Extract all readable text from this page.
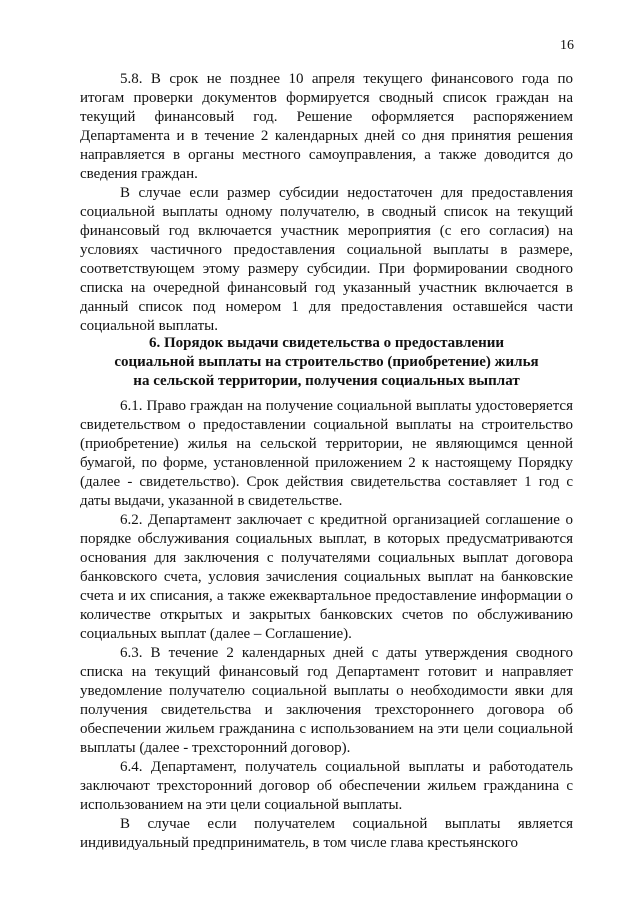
16

5.8. В срок не позднее 10 апреля текущего финансового года по итогам проверки документов формируется сводный список граждан на текущий финансовый год. Решение оформляется распоряжением Департамента и в течение 2 календарных дней со дня принятия решения направляется в органы местного самоуправления, а также доводится до сведения граждан.

В случае если размер субсидии недостаточен для предоставления социальной выплаты одному получателю, в сводный список на текущий финансовый год включается участник мероприятия (с его согласия) на условиях частичного предоставления социальной выплаты в размере, соответствующем этому размеру субсидии. При формировании сводного списка на очередной финансовый год указанный участник включается в данный список под номером 1 для предоставления оставшейся части социальной выплаты.

6. Порядок выдачи свидетельства о предоставлении
социальной выплаты на строительство (приобретение) жилья
на сельской территории, получения социальных выплат

6.1. Право граждан на получение социальной выплаты удостоверяется свидетельством о предоставлении социальной выплаты на строительство (приобретение) жилья на сельской территории, не являющимся ценной бумагой, по форме, установленной приложением 2 к настоящему Порядку (далее - свидетельство). Срок действия свидетельства составляет 1 год с даты выдачи, указанной в свидетельстве.

6.2. Департамент заключает с кредитной организацией соглашение о порядке обслуживания социальных выплат, в которых предусматриваются основания для заключения с получателями социальных выплат договора банковского счета, условия зачисления социальных выплат на банковские счета и их списания, а также ежеквартальное предоставление информации о количестве открытых и закрытых банковских счетов по обслуживанию социальных выплат (далее – Соглашение).

6.3. В течение 2 календарных дней с даты утверждения сводного списка на текущий финансовый год Департамент готовит и направляет уведомление получателю социальной выплаты о необходимости явки для получения свидетельства и заключения трехстороннего договора об обеспечении жильем гражданина с использованием на эти цели социальной выплаты (далее - трехсторонний договор).

6.4. Департамент, получатель социальной выплаты и работодатель заключают трехсторонний договор об обеспечении жильем гражданина с использованием на эти цели социальной выплаты.

В случае если получателем социальной выплаты является индивидуальный предприниматель, в том числе глава крестьянского
